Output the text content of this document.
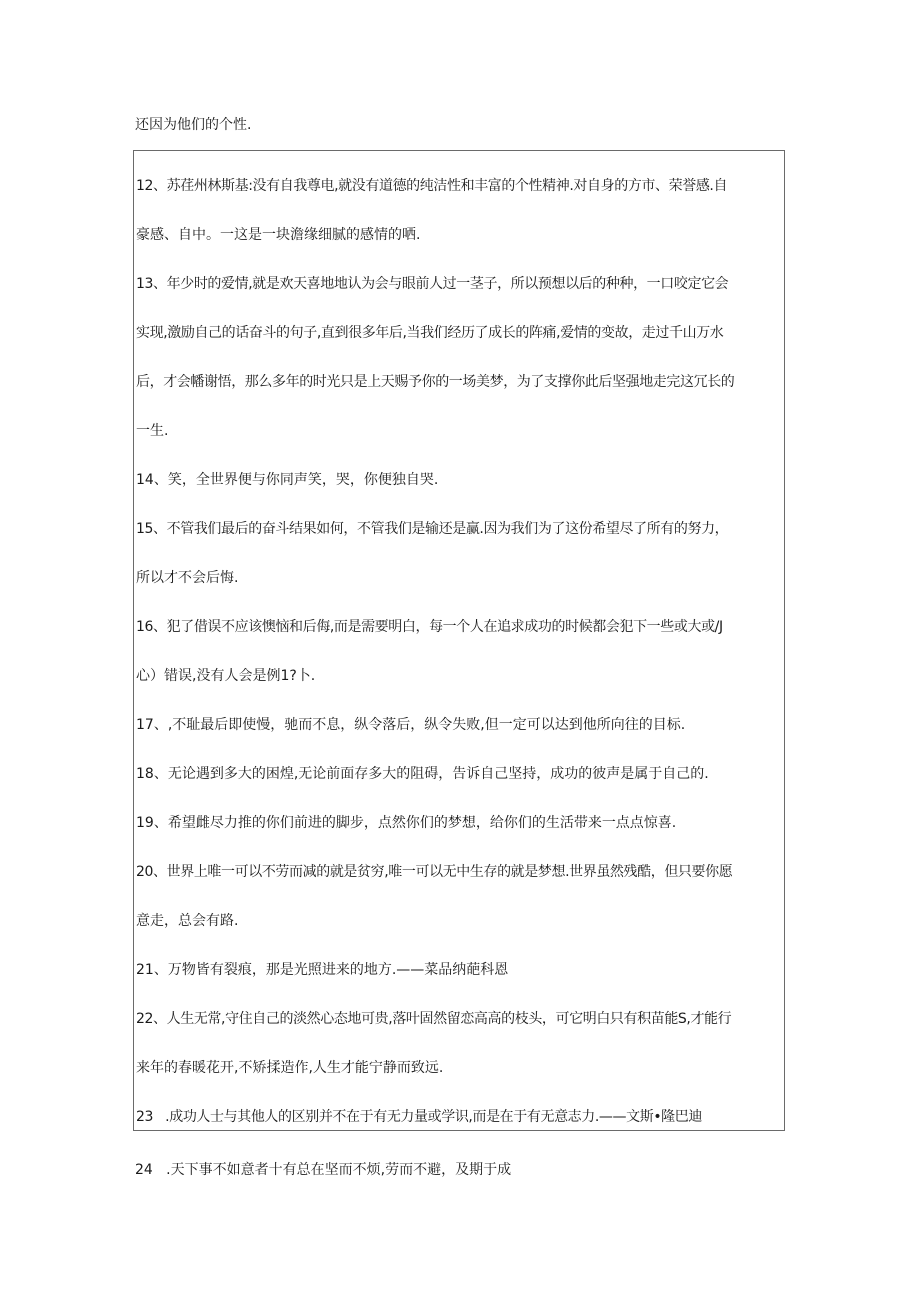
还因为他们的个性.
12、苏荏州林斯基:没有自我尊电,就没有道德的纯洁性和丰富的个性精神.对自身的方市、荣誉感.自
豪感、自中。一这是一块澹缘细腻的感情的哂.
13、年少时的爱情,就是欢天喜地地认为会与眼前人过一茎子，所以预想以后的种种，一口咬定它会
实现,激励自己的话奋斗的句子,直到很多年后,当我们经历了成长的阵痛,爱情的变故，走过千山万水
后，才会幡谢悟，那么多年的时光只是上天赐予你的一场美梦，为了支撑你此后坚强地走完这冗长的
一生.
14、笑，全世界便与你同声笑，哭，你便独自哭.
15、不管我们最后的奋斗结果如何，不管我们是输还是赢.因为我们为了这份希望尽了所有的努力，
所以才不会后悔.
16、犯了借误不应该懊恼和后侮,而是需要明白，每一个人在追求成功的时候都会犯下一些或大或/J
心）错误,没有人会是例1?卜.
17、,不耻最后即使慢，驰而不息，纵令落后，纵令失败,但一定可以达到他所向往的目标.
18、无论遇到多大的困煌,无论前面存多大的阻碍，告诉自己坚持，成功的彼声是属于自己的.
19、希望雌尽力推的你们前进的脚步，点然你们的梦想，给你们的生活带来一点点惊喜.
20、世界上唯一可以不劳而减的就是贫穷,唯一可以无中生存的就是梦想.世界虽然残酷，但只要你愿
意走，总会有路.
21、万物皆有裂痕，那是光照进来的地方.——菜品纳葩科恩
22、人生无常,守住自己的淡然心态地可贵,落叶固然留恋高高的枝头，可它明白只有积苗能S,才能行
来年的春暖花开,不矫揉造作,人生才能宁静而致远.
23   .成功人士与其他人的区别并不在于有无力量或学识,而是在于有无意志力.——文斯•隆巴迪
24   .天下事不如意者十有总在坚而不烦,劳而不避，及期于成
